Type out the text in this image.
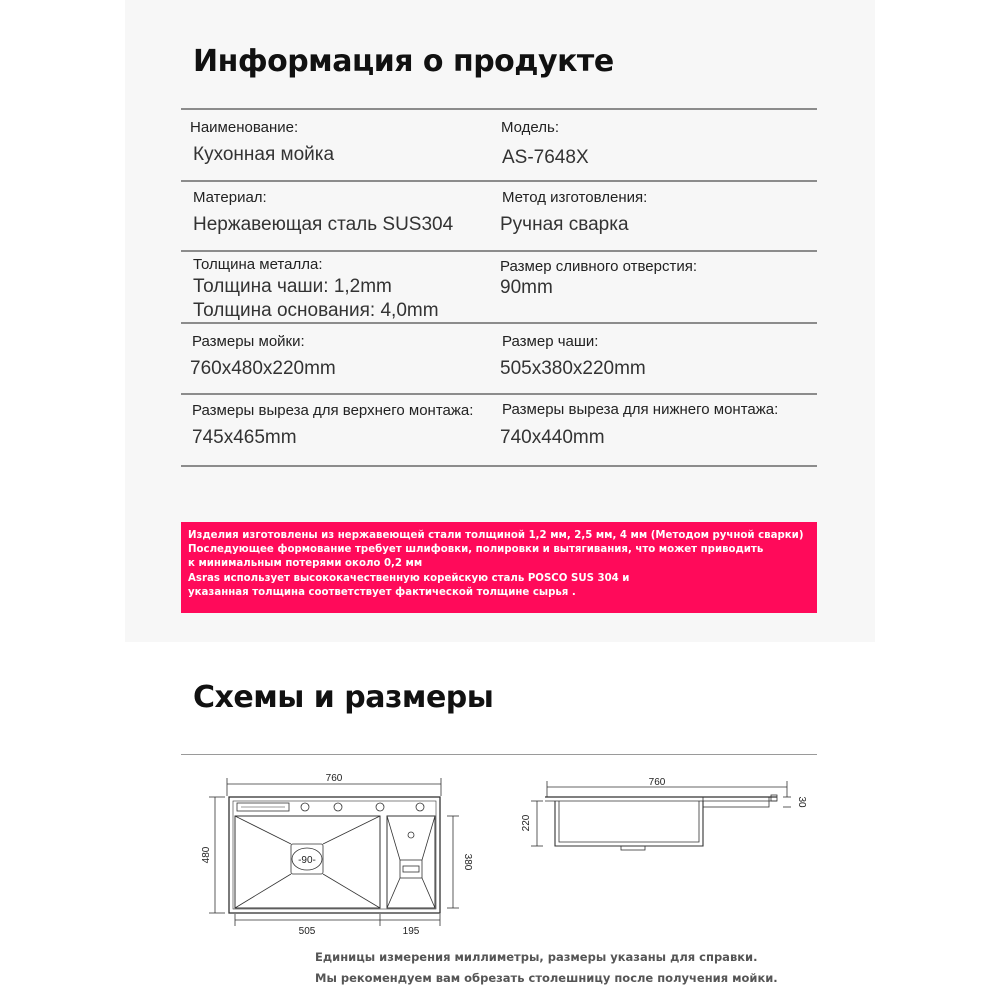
Информация о продукте
Наименование:
Кухонная мойка
Модель:
AS-7648X
Материал:
Нержавеющая сталь SUS304
Метод изготовления:
Ручная сварка
Толщина металла:
Толщина чаши: 1,2mm
Толщина основания: 4,0mm
Размер сливного отверстия:
90mm
Размеры мойки:
760x480x220mm
Размер чаши:
505x380x220mm
Размеры выреза для верхнего монтажа:
745x465mm
Размеры выреза для нижнего монтажа:
740x440mm
Изделия изготовлены из нержавеющей стали толщиной 1,2 мм, 2,5 мм, 4 мм (Методом ручной сварки)
Последующее формование требует шлифовки, полировки и вытягивания, что может приводить
к минимальным потерями около 0,2 мм
Asras использует высококачественную корейскую сталь POSCO SUS 304 и
указанная толщина соответствует фактической толщине сырья .
Схемы и размеры
760
480	-90-	380
505	195
760
220
30
Единицы измерения миллиметры, размеры указаны для справки.
Мы рекомендуем вам обрезать столешницу после получения мойки.
